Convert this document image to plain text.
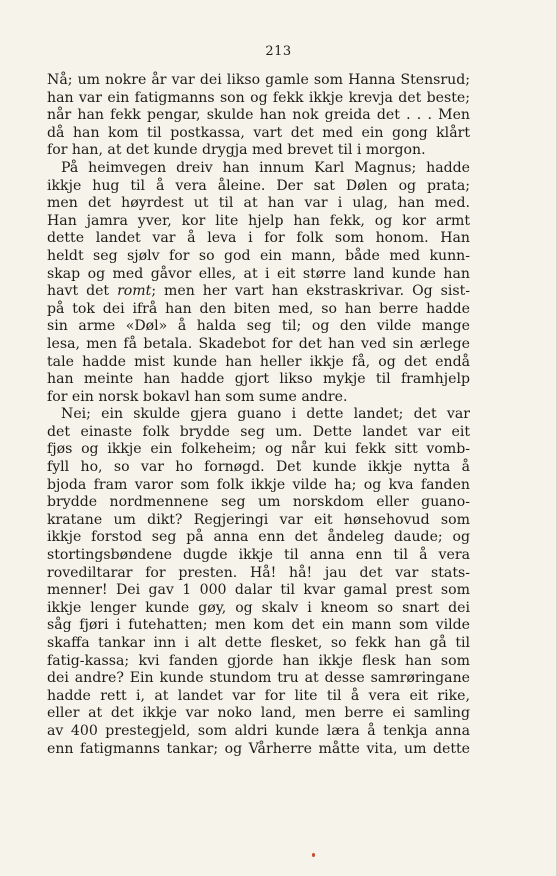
213
Nå; um nokre år var dei likso gamle som Hanna Stensrud;
han var ein fatigmanns son og fekk ikkje krevja det beste;
når han fekk pengar, skulde han nok greida det . . . Men
då han kom til postkassa, vart det med ein gong klårt
for han, at det kunde drygja med brevet til i morgon.
På heimvegen dreiv han innum Karl Magnus; hadde
ikkje hug til å vera åleine. Der sat Dølen og prata;
men det høyrdest ut til at han var i ulag, han med.
Han jamra yver, kor lite hjelp han fekk, og kor armt
dette landet var å leva i for folk som honom. Han
heldt seg sjølv for so god ein mann, både med kunn-
skap og med gåvor elles, at i eit større land kunde han
havt det romt; men her vart han ekstraskrivar. Og sist-
på tok dei ifrå han den biten med, so han berre hadde
sin arme «Døl» å halda seg til; og den vilde mange
lesa, men få betala. Skadebot for det han ved sin ærlege
tale hadde mist kunde han heller ikkje få, og det endå
han meinte han hadde gjort likso mykje til framhjelp
for ein norsk bokavl han som sume andre.
Nei; ein skulde gjera guano i dette landet; det var
det einaste folk brydde seg um. Dette landet var eit
fjøs og ikkje ein folkeheim; og når kui fekk sitt vomb-
fyll ho, so var ho fornøgd. Det kunde ikkje nytta å
bjoda fram varor som folk ikkje vilde ha; og kva fanden
brydde nordmennene seg um norskdom eller guano-
kratane um dikt? Regjeringi var eit hønsehovud som
ikkje forstod seg på anna enn det åndeleg daude; og
stortingsbøndene dugde ikkje til anna enn til å vera
rovediltarar for presten. Hå! hå! jau det var stats-
menner! Dei gav 1 000 dalar til kvar gamal prest som
ikkje lenger kunde gøy, og skalv i kneom so snart dei
såg fjøri i futehatten; men kom det ein mann som vilde
skaffa tankar inn i alt dette flesket, so fekk han gå til
fatig-kassa; kvi fanden gjorde han ikkje flesk han som
dei andre? Ein kunde stundom tru at desse samrøringane
hadde rett i, at landet var for lite til å vera eit rike,
eller at det ikkje var noko land, men berre ei samling
av 400 prestegjeld, som aldri kunde læra å tenkja anna
enn fatigmanns tankar; og Vårherre måtte vita, um dette
